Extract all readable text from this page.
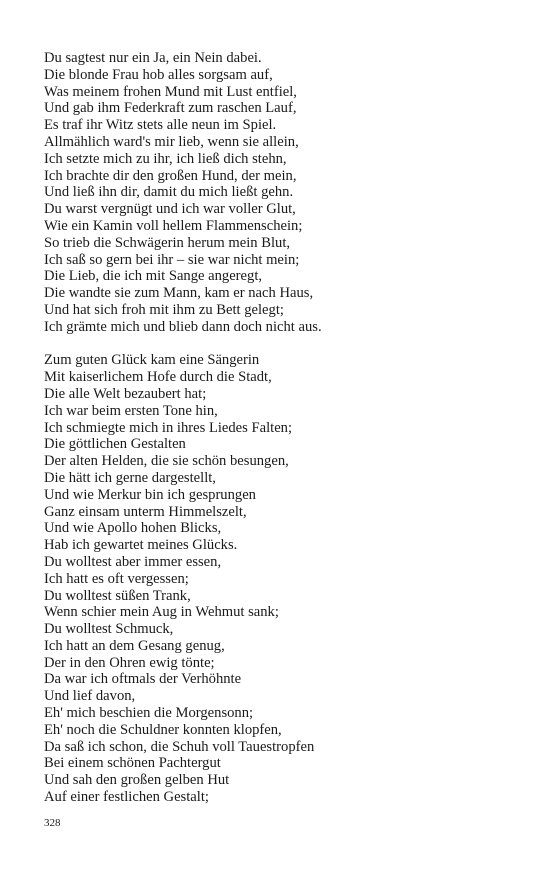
Du sagtest nur ein Ja, ein Nein dabei.
Die blonde Frau hob alles sorgsam auf,
Was meinem frohen Mund mit Lust entfiel,
Und gab ihm Federkraft zum raschen Lauf,
Es traf ihr Witz stets alle neun im Spiel.
Allmählich ward's mir lieb, wenn sie allein,
Ich setzte mich zu ihr, ich ließ dich stehn,
Ich brachte dir den großen Hund, der mein,
Und ließ ihn dir, damit du mich ließt gehn.
Du warst vergnügt und ich war voller Glut,
Wie ein Kamin voll hellem Flammenschein;
So trieb die Schwägerin herum mein Blut,
Ich saß so gern bei ihr – sie war nicht mein;
Die Lieb, die ich mit Sange angeregt,
Die wandte sie zum Mann, kam er nach Haus,
Und hat sich froh mit ihm zu Bett gelegt;
Ich grämte mich und blieb dann doch nicht aus.
Zum guten Glück kam eine Sängerin
Mit kaiserlichem Hofe durch die Stadt,
Die alle Welt bezaubert hat;
Ich war beim ersten Tone hin,
Ich schmiegte mich in ihres Liedes Falten;
Die göttlichen Gestalten
Der alten Helden, die sie schön besungen,
Die hätt ich gerne dargestellt,
Und wie Merkur bin ich gesprungen
Ganz einsam unterm Himmelszelt,
Und wie Apollo hohen Blicks,
Hab ich gewartet meines Glücks.
Du wolltest aber immer essen,
Ich hatt es oft vergessen;
Du wolltest süßen Trank,
Wenn schier mein Aug in Wehmut sank;
Du wolltest Schmuck,
Ich hatt an dem Gesang genug,
Der in den Ohren ewig tönte;
Da war ich oftmals der Verhöhnte
Und lief davon,
Eh' mich beschien die Morgensonn;
Eh' noch die Schuldner konnten klopfen,
Da saß ich schon, die Schuh voll Tauestropfen
Bei einem schönen Pachtergut
Und sah den großen gelben Hut
Auf einer festlichen Gestalt;
328
